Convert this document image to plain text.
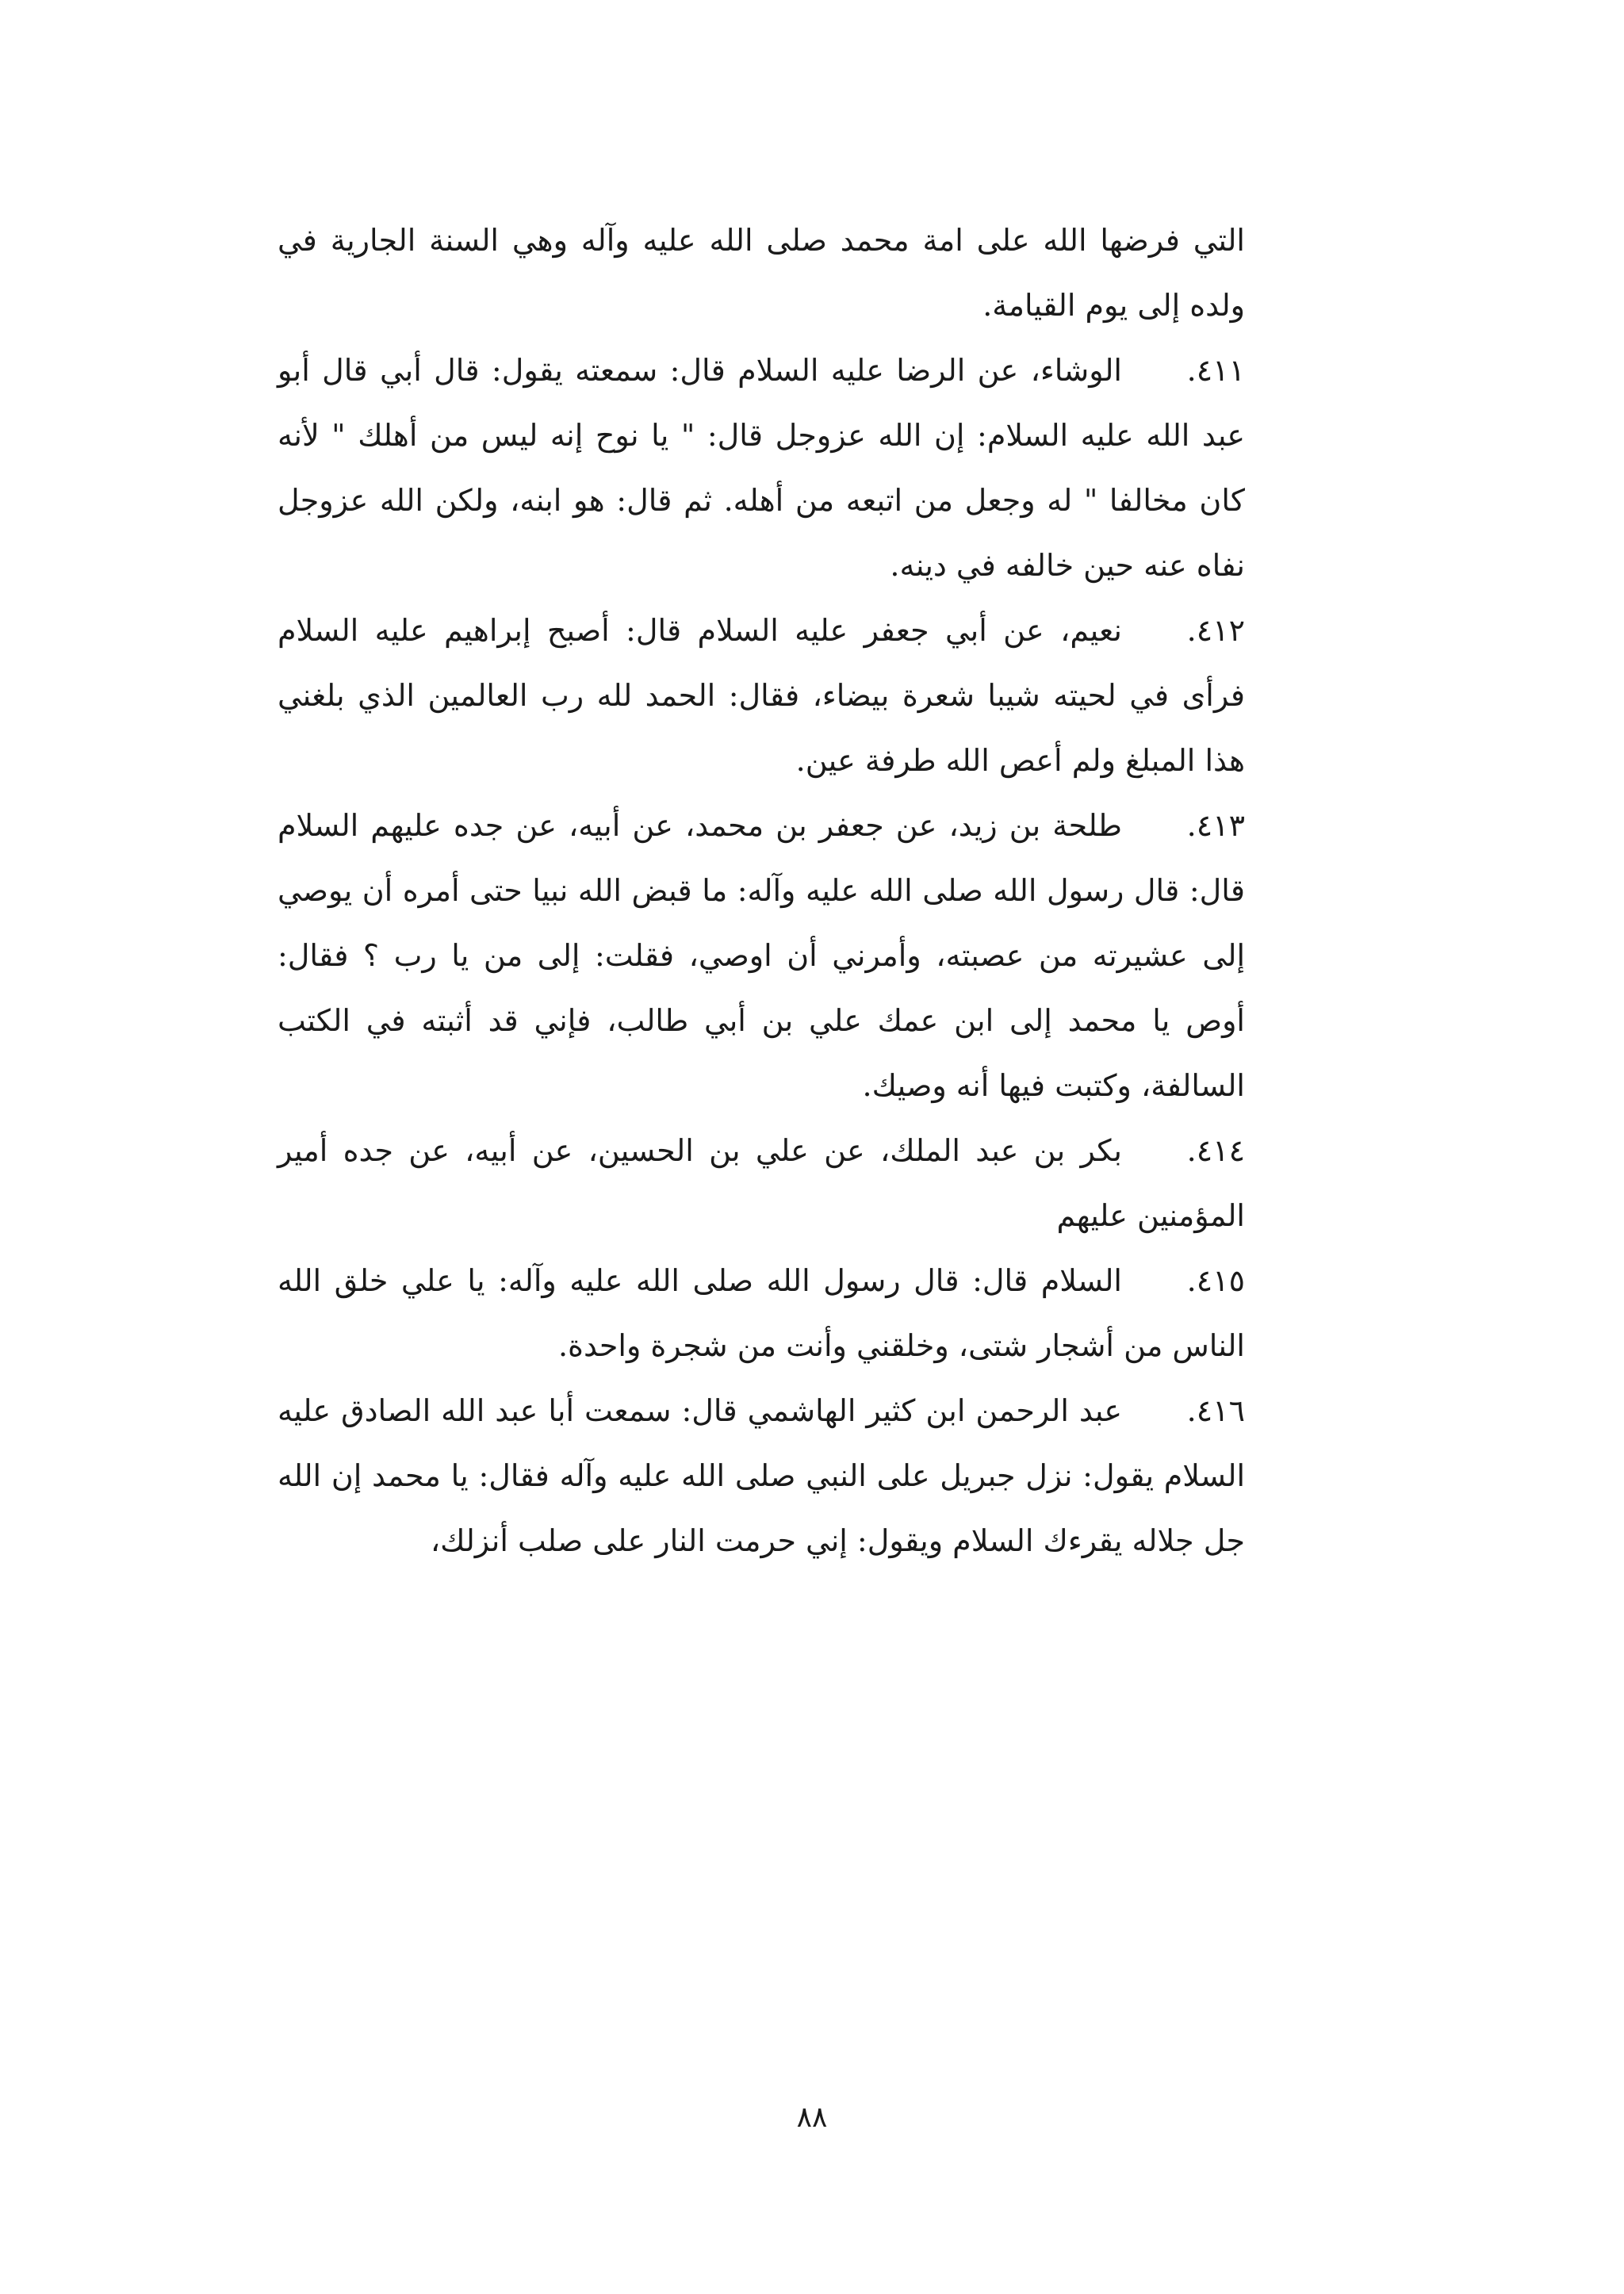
التي فرضها الله على امة محمد صلى الله عليه وآله وهي السنة الجارية في ولده إلى يوم القيامة.

٤١١.الوشاء، عن الرضا عليه السلام قال: سمعته يقول: قال أبي قال أبو عبد الله عليه السلام: إن الله عزوجل قال: " يا نوح إنه ليس من أهلك " لأنه كان مخالفا " له وجعل من اتبعه من أهله. ثم قال: هو ابنه، ولكن الله عزوجل نفاه عنه حين خالفه في دينه.

٤١٢.نعيم، عن أبي جعفر عليه السلام قال: أصبح إبراهيم عليه السلام فرأى في لحيته شيبا شعرة بيضاء، فقال: الحمد لله رب العالمين الذي بلغني هذا المبلغ ولم أعص الله طرفة عين.

٤١٣.طلحة بن زيد، عن جعفر بن محمد، عن أبيه، عن جده عليهم السلام قال: قال رسول الله صلى الله عليه وآله: ما قبض الله نبيا حتى أمره أن يوصي إلى عشيرته من عصبته، وأمرني أن اوصي، فقلت: إلى من يا رب ؟ فقال: أوص يا محمد إلى ابن عمك علي بن أبي طالب، فإني قد أثبته في الكتب السالفة، وكتبت فيها أنه وصيك.

٤١٤.بكر بن عبد الملك، عن علي بن الحسين، عن أبيه، عن جده أمير المؤمنين عليهم

٤١٥.السلام قال: قال رسول الله صلى الله عليه وآله: يا علي خلق الله الناس من أشجار شتى، وخلقني وأنت من شجرة واحدة.

٤١٦.عبد الرحمن ابن كثير الهاشمي قال: سمعت أبا عبد الله الصادق عليه السلام يقول: نزل جبريل على النبي صلى الله عليه وآله فقال: يا محمد إن الله جل جلاله يقرءك السلام ويقول: إني حرمت النار على صلب أنزلك،

٨٨
